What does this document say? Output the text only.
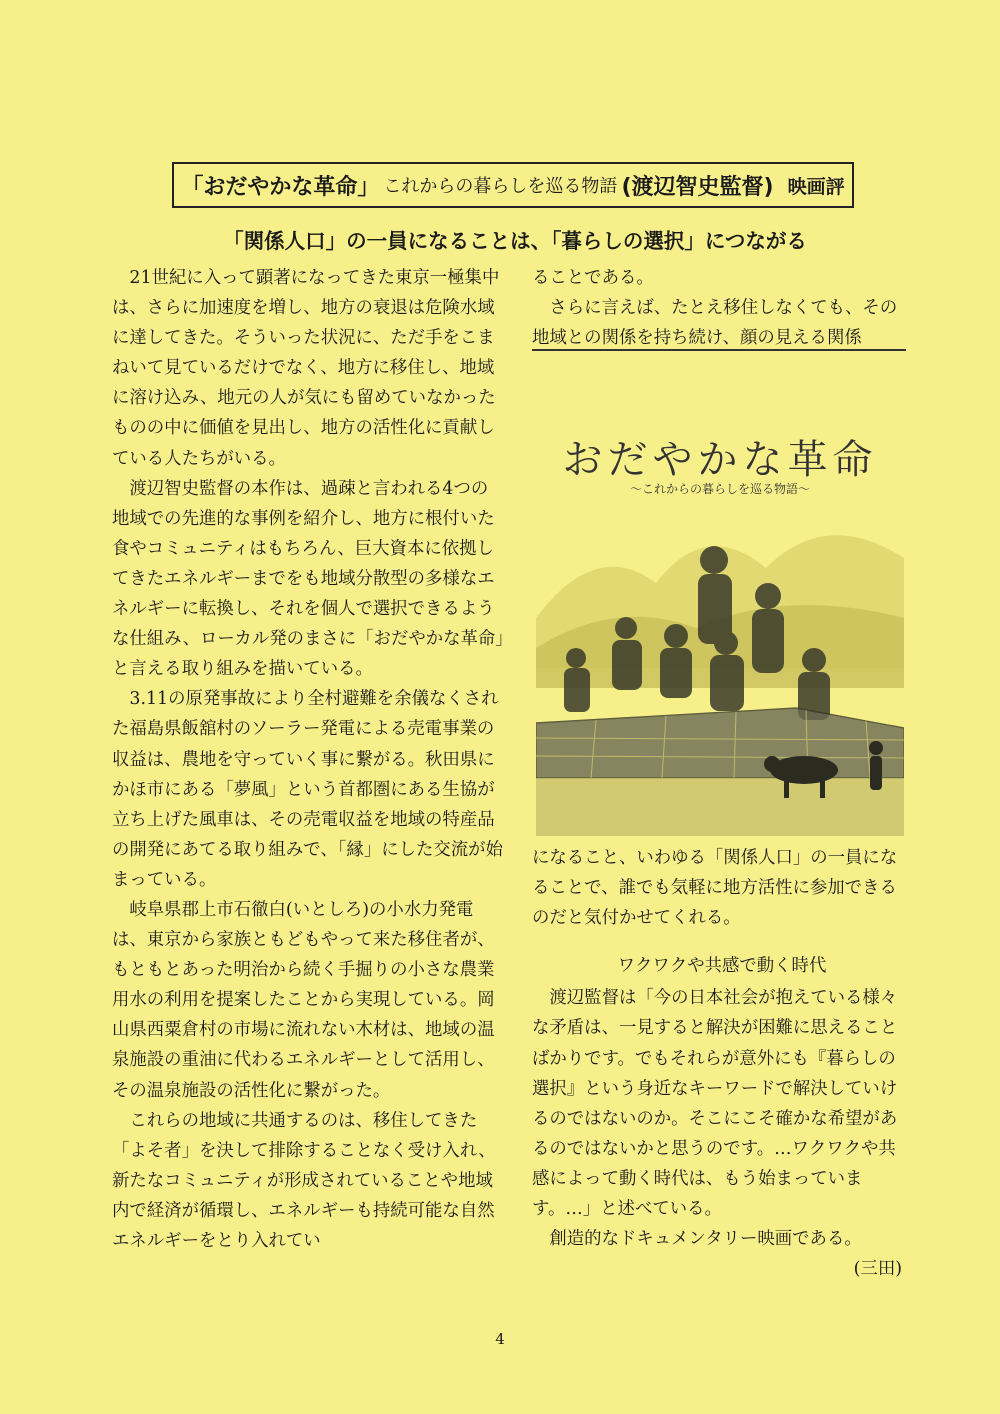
「おだやかな革命」 これからの暮らしを巡る物語 (渡辺智史監督) 映画評
「関係人口」の一員になることは、「暮らしの選択」につながる

21世紀に入って顕著になってきた東京一極集中は、さらに加速度を増し、地方の衰退は危険水域に達してきた。そういった状況に、ただ手をこまねいて見ているだけでなく、地方に移住し、地域に溶け込み、地元の人が気にも留めていなかったものの中に価値を見出し、地方の活性化に貢献している人たちがいる。

渡辺智史監督の本作は、過疎と言われる4つの地域での先進的な事例を紹介し、地方に根付いた食やコミュニティはもちろん、巨大資本に依拠してきたエネルギーまでをも地域分散型の多様なエネルギーに転換し、それを個人で選択できるような仕組み、ローカル発のまさに「おだやかな革命」と言える取り組みを描いている。

3.11の原発事故により全村避難を余儀なくされた福島県飯舘村のソーラー発電による売電事業の収益は、農地を守っていく事に繋がる。秋田県にかほ市にある「夢風」という首都圏にある生協が立ち上げた風車は、その売電収益を地域の特産品の開発にあてる取り組みで、「縁」にした交流が始まっている。

岐阜県郡上市石徹白(いとしろ)の小水力発電は、東京から家族ともどもやって来た移住者が、もともとあった明治から続く手掘りの小さな農業用水の利用を提案したことから実現している。岡山県西粟倉村の市場に流れない木材は、地域の温泉施設の重油に代わるエネルギーとして活用し、その温泉施設の活性化に繋がった。

これらの地域に共通するのは、移住してきた「よそ者」を決して排除することなく受け入れ、新たなコミュニティが形成されていることや地域内で経済が循環し、エネルギーも持続可能な自然エネルギーをとり入れてい

ることである。

さらに言えば、たとえ移住しなくても、その地域との関係を持ち続け、顔の見える関係

おだやかな革命
〜これからの暮らしを巡る物語〜

になること、いわゆる「関係人口」の一員になることで、誰でも気軽に地方活性に参加できるのだと気付かせてくれる。

ワクワクや共感で動く時代

渡辺監督は「今の日本社会が抱えている様々な矛盾は、一見すると解決が困難に思えることばかりです。でもそれらが意外にも『暮らしの選択』という身近なキーワードで解決していけるのではないのか。そこにこそ確かな希望があるのではないかと思うのです。…ワクワクや共感によって動く時代は、もう始まっています。…」と述べている。

創造的なドキュメンタリー映画である。

(三田)

4
